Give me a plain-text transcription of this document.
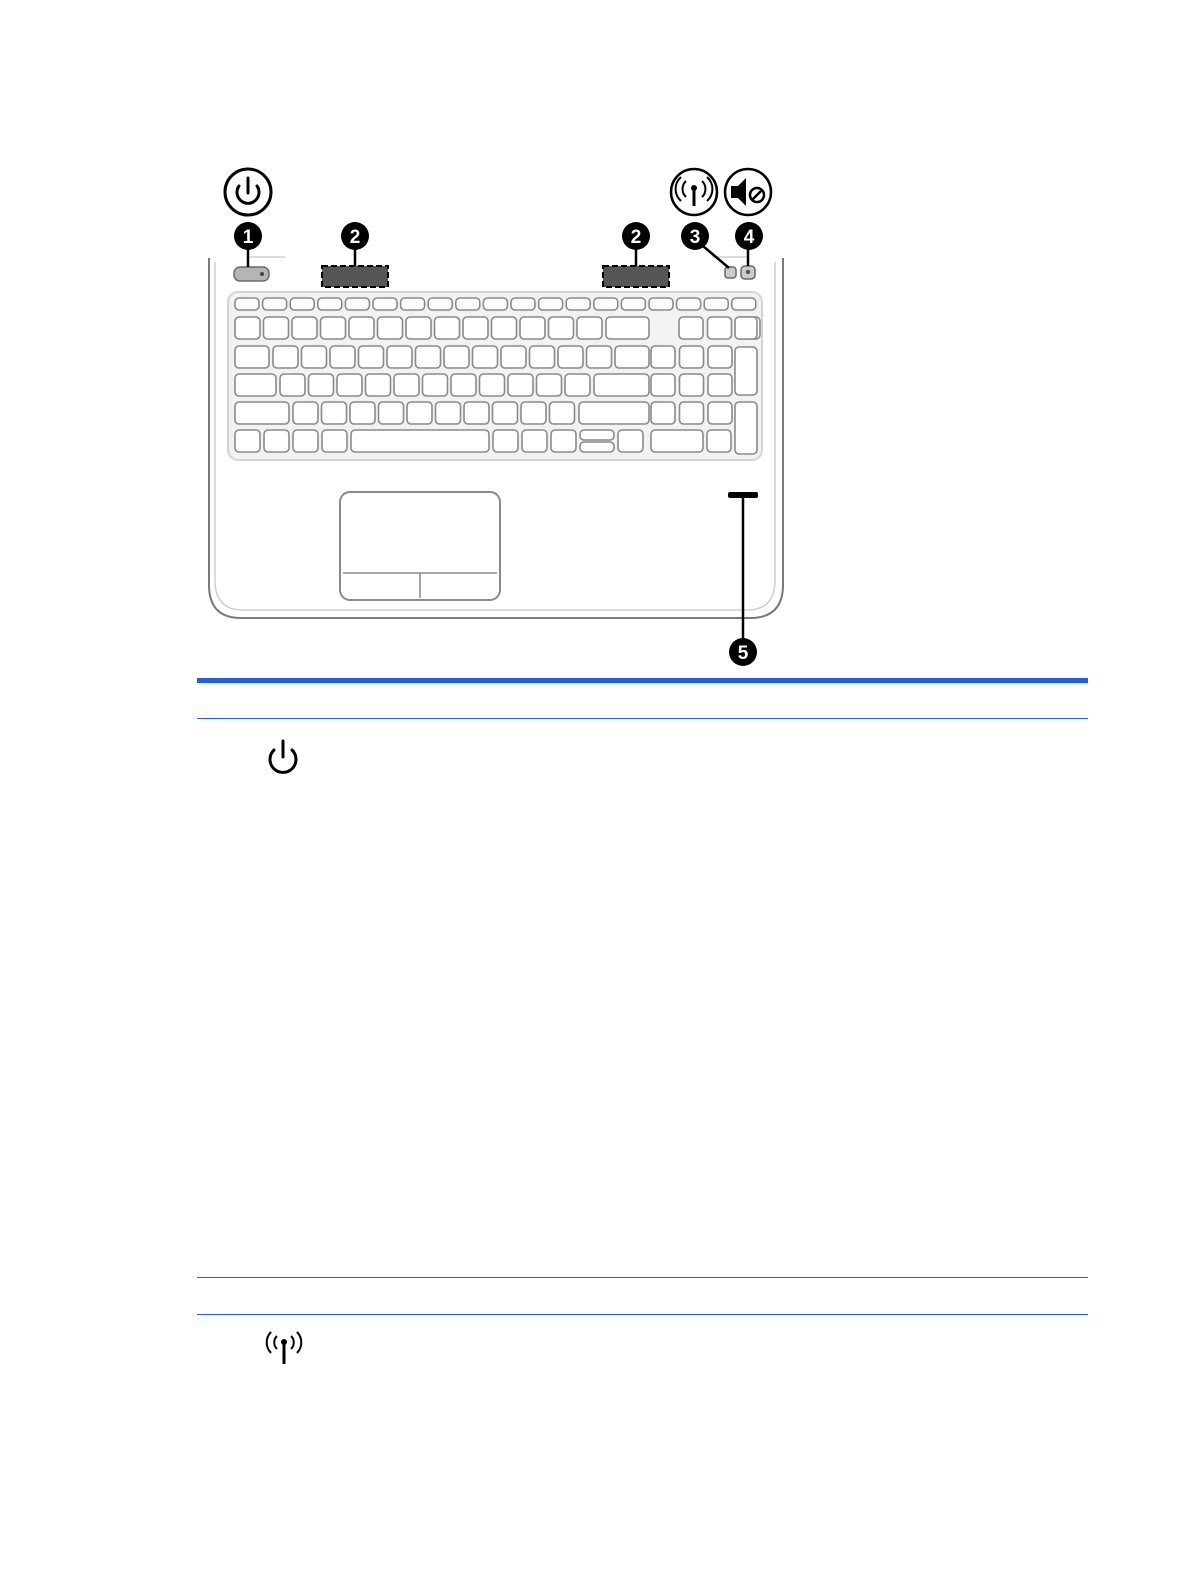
1	2	2	3 4
5
